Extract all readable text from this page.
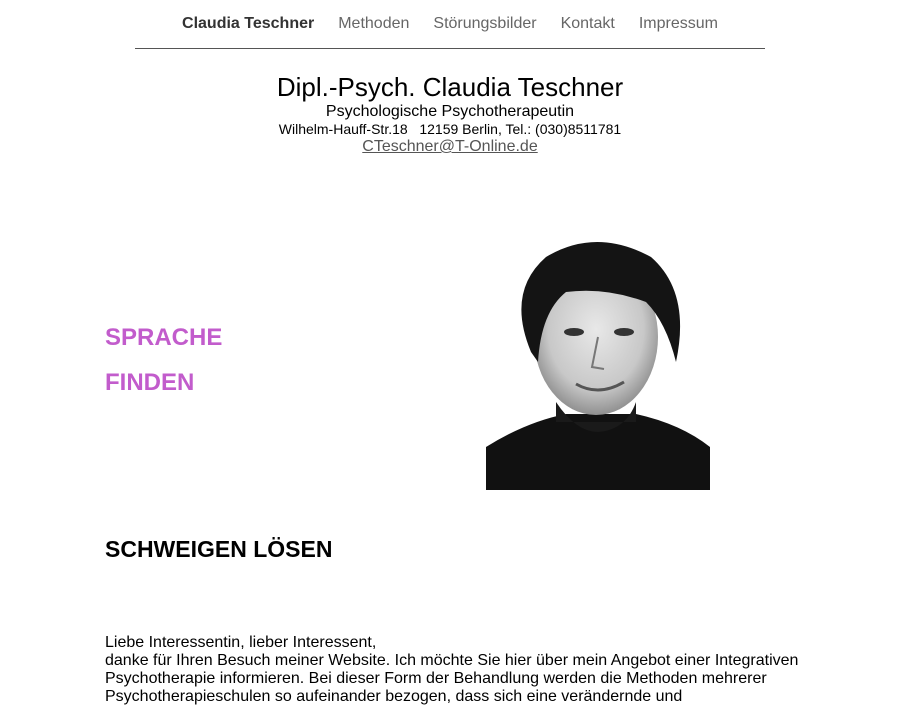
Claudia Teschner Methoden Störungsbilder Kontakt Impressum
Dipl.-Psych. Claudia Teschner
Psychologische Psychotherapeutin
Wilhelm-Hauff-Str.18   12159 Berlin, Tel.: (030)8511781
CTeschner@T-Online.de
SPRACHE
FINDEN
SCHWEIGEN LÖSEN

Liebe Interessentin, lieber Interessent,

danke für Ihren Besuch meiner Website. Ich möchte Sie hier über mein Angebot einer Integrativen Psychotherapie informieren. Bei dieser Form der Behandlung werden die Methoden mehrerer Psychotherapieschulen so aufeinander bezogen, dass sich eine verändernde und
